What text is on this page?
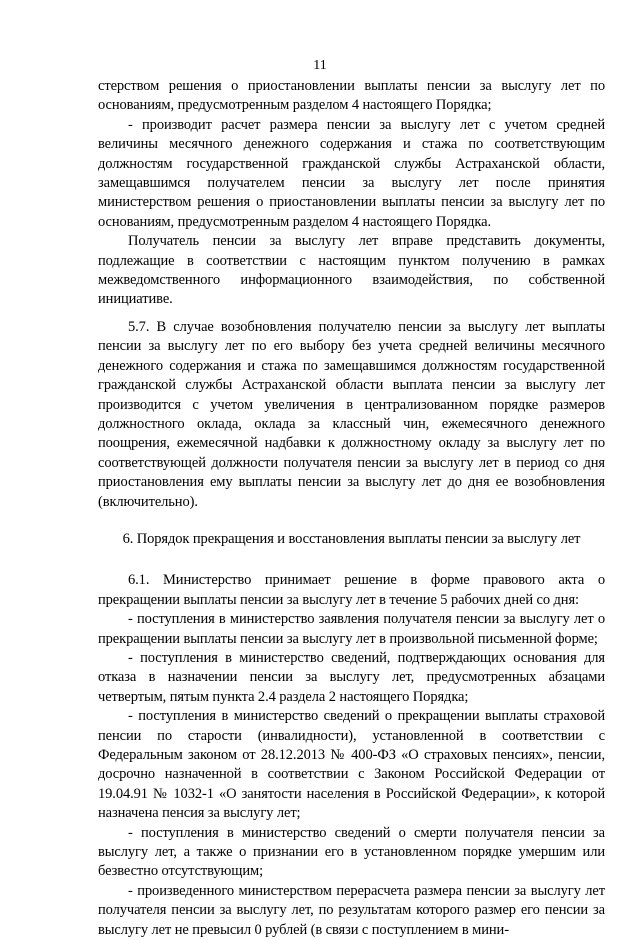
11

стерством решения о приостановлении выплаты пенсии за выслугу лет по основаниям, предусмотренным разделом 4 настоящего Порядка;

- производит расчет размера пенсии за выслугу лет с учетом средней величины месячного денежного содержания и стажа по соответствующим должностям государственной гражданской службы Астраханской области, замещавшимся получателем пенсии за выслугу лет после принятия министерством решения о приостановлении выплаты пенсии за выслугу лет по основаниям, предусмотренным разделом 4 настоящего Порядка.

Получатель пенсии за выслугу лет вправе представить документы, подлежащие в соответствии с настоящим пунктом получению в рамках межведомственного информационного взаимодействия, по собственной инициативе.

5.7. В случае возобновления получателю пенсии за выслугу лет выплаты пенсии за выслугу лет по его выбору без учета средней величины месячного денежного содержания и стажа по замещавшимся должностям государственной гражданской службы Астраханской области выплата пенсии за выслугу лет производится с учетом увеличения в централизованном порядке размеров должностного оклада, оклада за классный чин, ежемесячного денежного поощрения, ежемесячной надбавки к должностному окладу за выслугу лет по соответствующей должности получателя пенсии за выслугу лет в период со дня приостановления ему выплаты пенсии за выслугу лет до дня ее возобновления (включительно).

6. Порядок прекращения и восстановления выплаты пенсии за выслугу лет

6.1. Министерство принимает решение в форме правового акта о прекращении выплаты пенсии за выслугу лет в течение 5 рабочих дней со дня:

- поступления в министерство заявления получателя пенсии за выслугу лет о прекращении выплаты пенсии за выслугу лет в произвольной письменной форме;

- поступления в министерство сведений, подтверждающих основания для отказа в назначении пенсии за выслугу лет, предусмотренных абзацами четвертым, пятым пункта 2.4 раздела 2 настоящего Порядка;

- поступления в министерство сведений о прекращении выплаты страховой пенсии по старости (инвалидности), установленной в соответствии с Федеральным законом от 28.12.2013 № 400-ФЗ «О страховых пенсиях», пенсии, досрочно назначенной в соответствии с Законом Российской Федерации от 19.04.91 № 1032-1 «О занятости населения в Российской Федерации», к которой назначена пенсия за выслугу лет;

- поступления в министерство сведений о смерти получателя пенсии за выслугу лет, а также о признании его в установленном порядке умершим или безвестно отсутствующим;

- произведенного министерством перерасчета размера пенсии за выслугу лет получателя пенсии за выслугу лет, по результатам которого размер его пенсии за выслугу лет не превысил 0 рублей (в связи с поступлением в мини-
